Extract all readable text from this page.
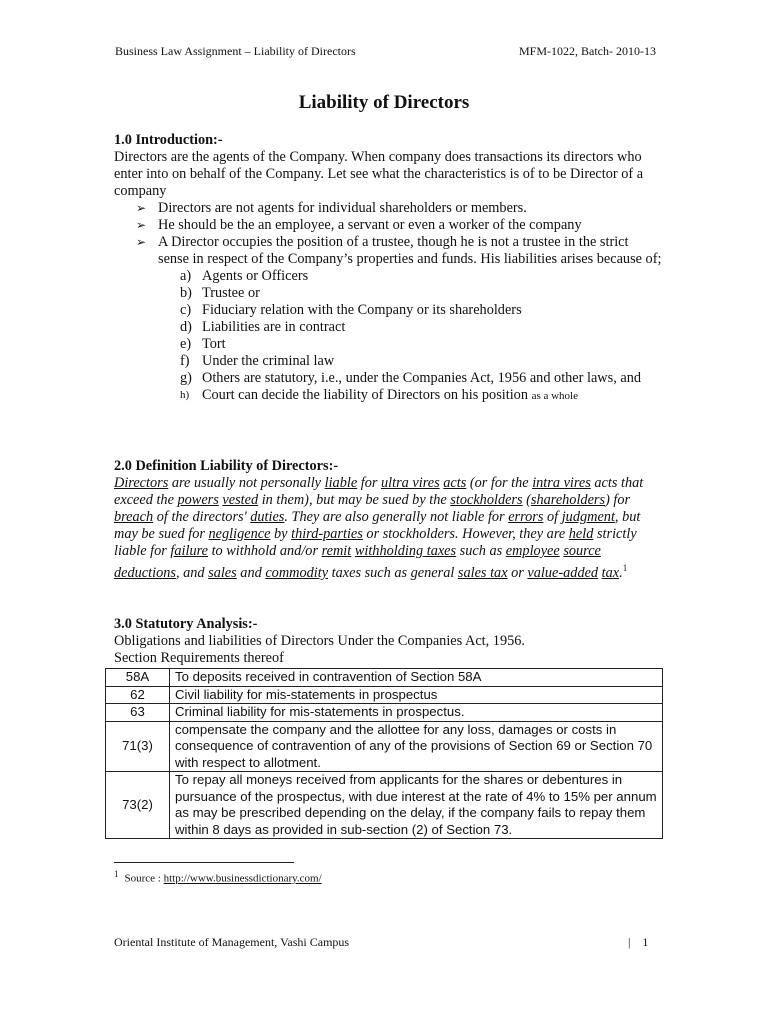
Business Law Assignment – Liability of Directors	MFM-1022, Batch- 2010-13
Liability of Directors
1.0 Introduction:-
Directors are the agents of the Company. When company does transactions its directors who enter into on behalf of the Company. Let see what the characteristics is of to be Director of a company
➢ Directors are not agents for individual shareholders or members.
➢ He should be the an employee, a servant or even a worker of the company
➢ A Director occupies the position of a trustee, though he is not a trustee in the strict sense in respect of the Company’s properties and funds. His liabilities arises because of;
a) Agents or Officers
b) Trustee or
c) Fiduciary relation with the Company or its shareholders
d) Liabilities are in contract
e) Tort
f) Under the criminal law
g) Others are statutory, i.e., under the Companies Act, 1956 and other laws, and
h) Court can decide the liability of Directors on his position as a whole
2.0 Definition Liability of Directors:-
Directors are usually not personally liable for ultra vires acts (or for the intra vires acts that exceed the powers vested in them), but may be sued by the stockholders (shareholders) for breach of the directors' duties. They are also generally not liable for errors of judgment, but may be sued for negligence by third-parties or stockholders. However, they are held strictly liable for failure to withhold and/or remit withholding taxes such as employee source deductions, and sales and commodity taxes such as general sales tax or value-added tax.$^1$
3.0 Statutory Analysis:-
Obligations and liabilities of Directors Under the Companies Act, 1956.
Section Requirements thereof
58A	To deposits received in contravention of Section 58A
62	Civil liability for mis-statements in prospectus
63	Criminal liability for mis-statements in prospectus.
71(3)	compensate the company and the allottee for any loss, damages or costs in consequence of contravention of any of the provisions of Section 69 or Section 70 with respect to allotment.
73(2)	To repay all moneys received from applicants for the shares or debentures in pursuance of the prospectus, with due interest at the rate of 4% to 15% per annum as may be prescribed depending on the delay, if the company fails to repay them within 8 days as provided in sub-section (2) of Section 73.
$^1$ Source : http://www.businessdictionary.com/
Oriental Institute of Management, Vashi Campus	| 1
